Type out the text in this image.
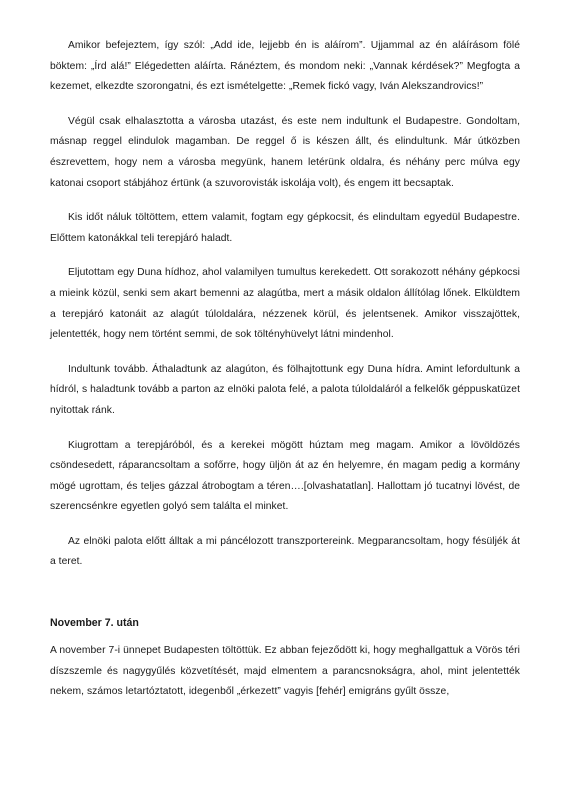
Amikor befejeztem, így szól: „Add ide, lejjebb én is aláírom”. Ujjammal az én aláírásom fölé böktem: „Írd alá!” Elégedetten aláírta. Ránéztem, és mondom neki: „Vannak kérdések?” Megfogta a kezemet, elkezdte szorongatni, és ezt ismételgette: „Remek fickó vagy, Iván Alekszandrovics!”

Végül csak elhalasztotta a városba utazást, és este nem indultunk el Budapestre. Gondoltam, másnap reggel elindulok magamban. De reggel ő is készen állt, és elindultunk. Már útközben észrevettem, hogy nem a városba megyünk, hanem letérünk oldalra, és néhány perc múlva egy katonai csoport stábjához értünk (a szuvorovisták iskolája volt), és engem itt becsaptak.

Kis időt náluk töltöttem, ettem valamit, fogtam egy gépkocsit, és elindultam egyedül Budapestre. Előttem katonákkal teli terepjáró haladt.

Eljutottam egy Duna hídhoz, ahol valamilyen tumultus kerekedett. Ott sorakozott néhány gépkocsi a mieink közül, senki sem akart bemenni az alagútba, mert a másik oldalon állítólag lőnek. Elküldtem a terepjáró katonáit az alagút túloldalára, nézzenek körül, és jelentsenek. Amikor visszajöttek, jelentették, hogy nem történt semmi, de sok töltényhüvelyt látni mindenhol.

Indultunk tovább. Áthaladtunk az alagúton, és fölhajtottunk egy Duna hídra. Amint lefordultunk a hídról, s haladtunk tovább a parton az elnöki palota felé, a palota túloldaláról a felkelők géppuskatüzet nyitottak ránk.

Kiugrottam a terepjáróból, és a kerekei mögött húztam meg magam. Amikor a lövöldözés csöndesedett, ráparancsoltam a sofőrre, hogy üljön át az én helyemre, én magam pedig a kormány mögé ugrottam, és teljes gázzal átrobogtam a téren….[olvashatatlan]. Hallottam jó tucatnyi lövést, de szerencsénkre egyetlen golyó sem találta el minket.

Az elnöki palota előtt álltak a mi páncélozott transzportereink. Megparancsoltam, hogy fésüljék át a teret.

November 7. után

A november 7-i ünnepet Budapesten töltöttük. Ez abban fejeződött ki, hogy meghallgattuk a Vörös téri díszszemle és nagygyűlés közvetítését, majd elmentem a parancsnokságra, ahol, mint jelentették nekem, számos letartóztatott, idegenből „érkezett” vagyis [fehér] emigráns gyűlt össze,
